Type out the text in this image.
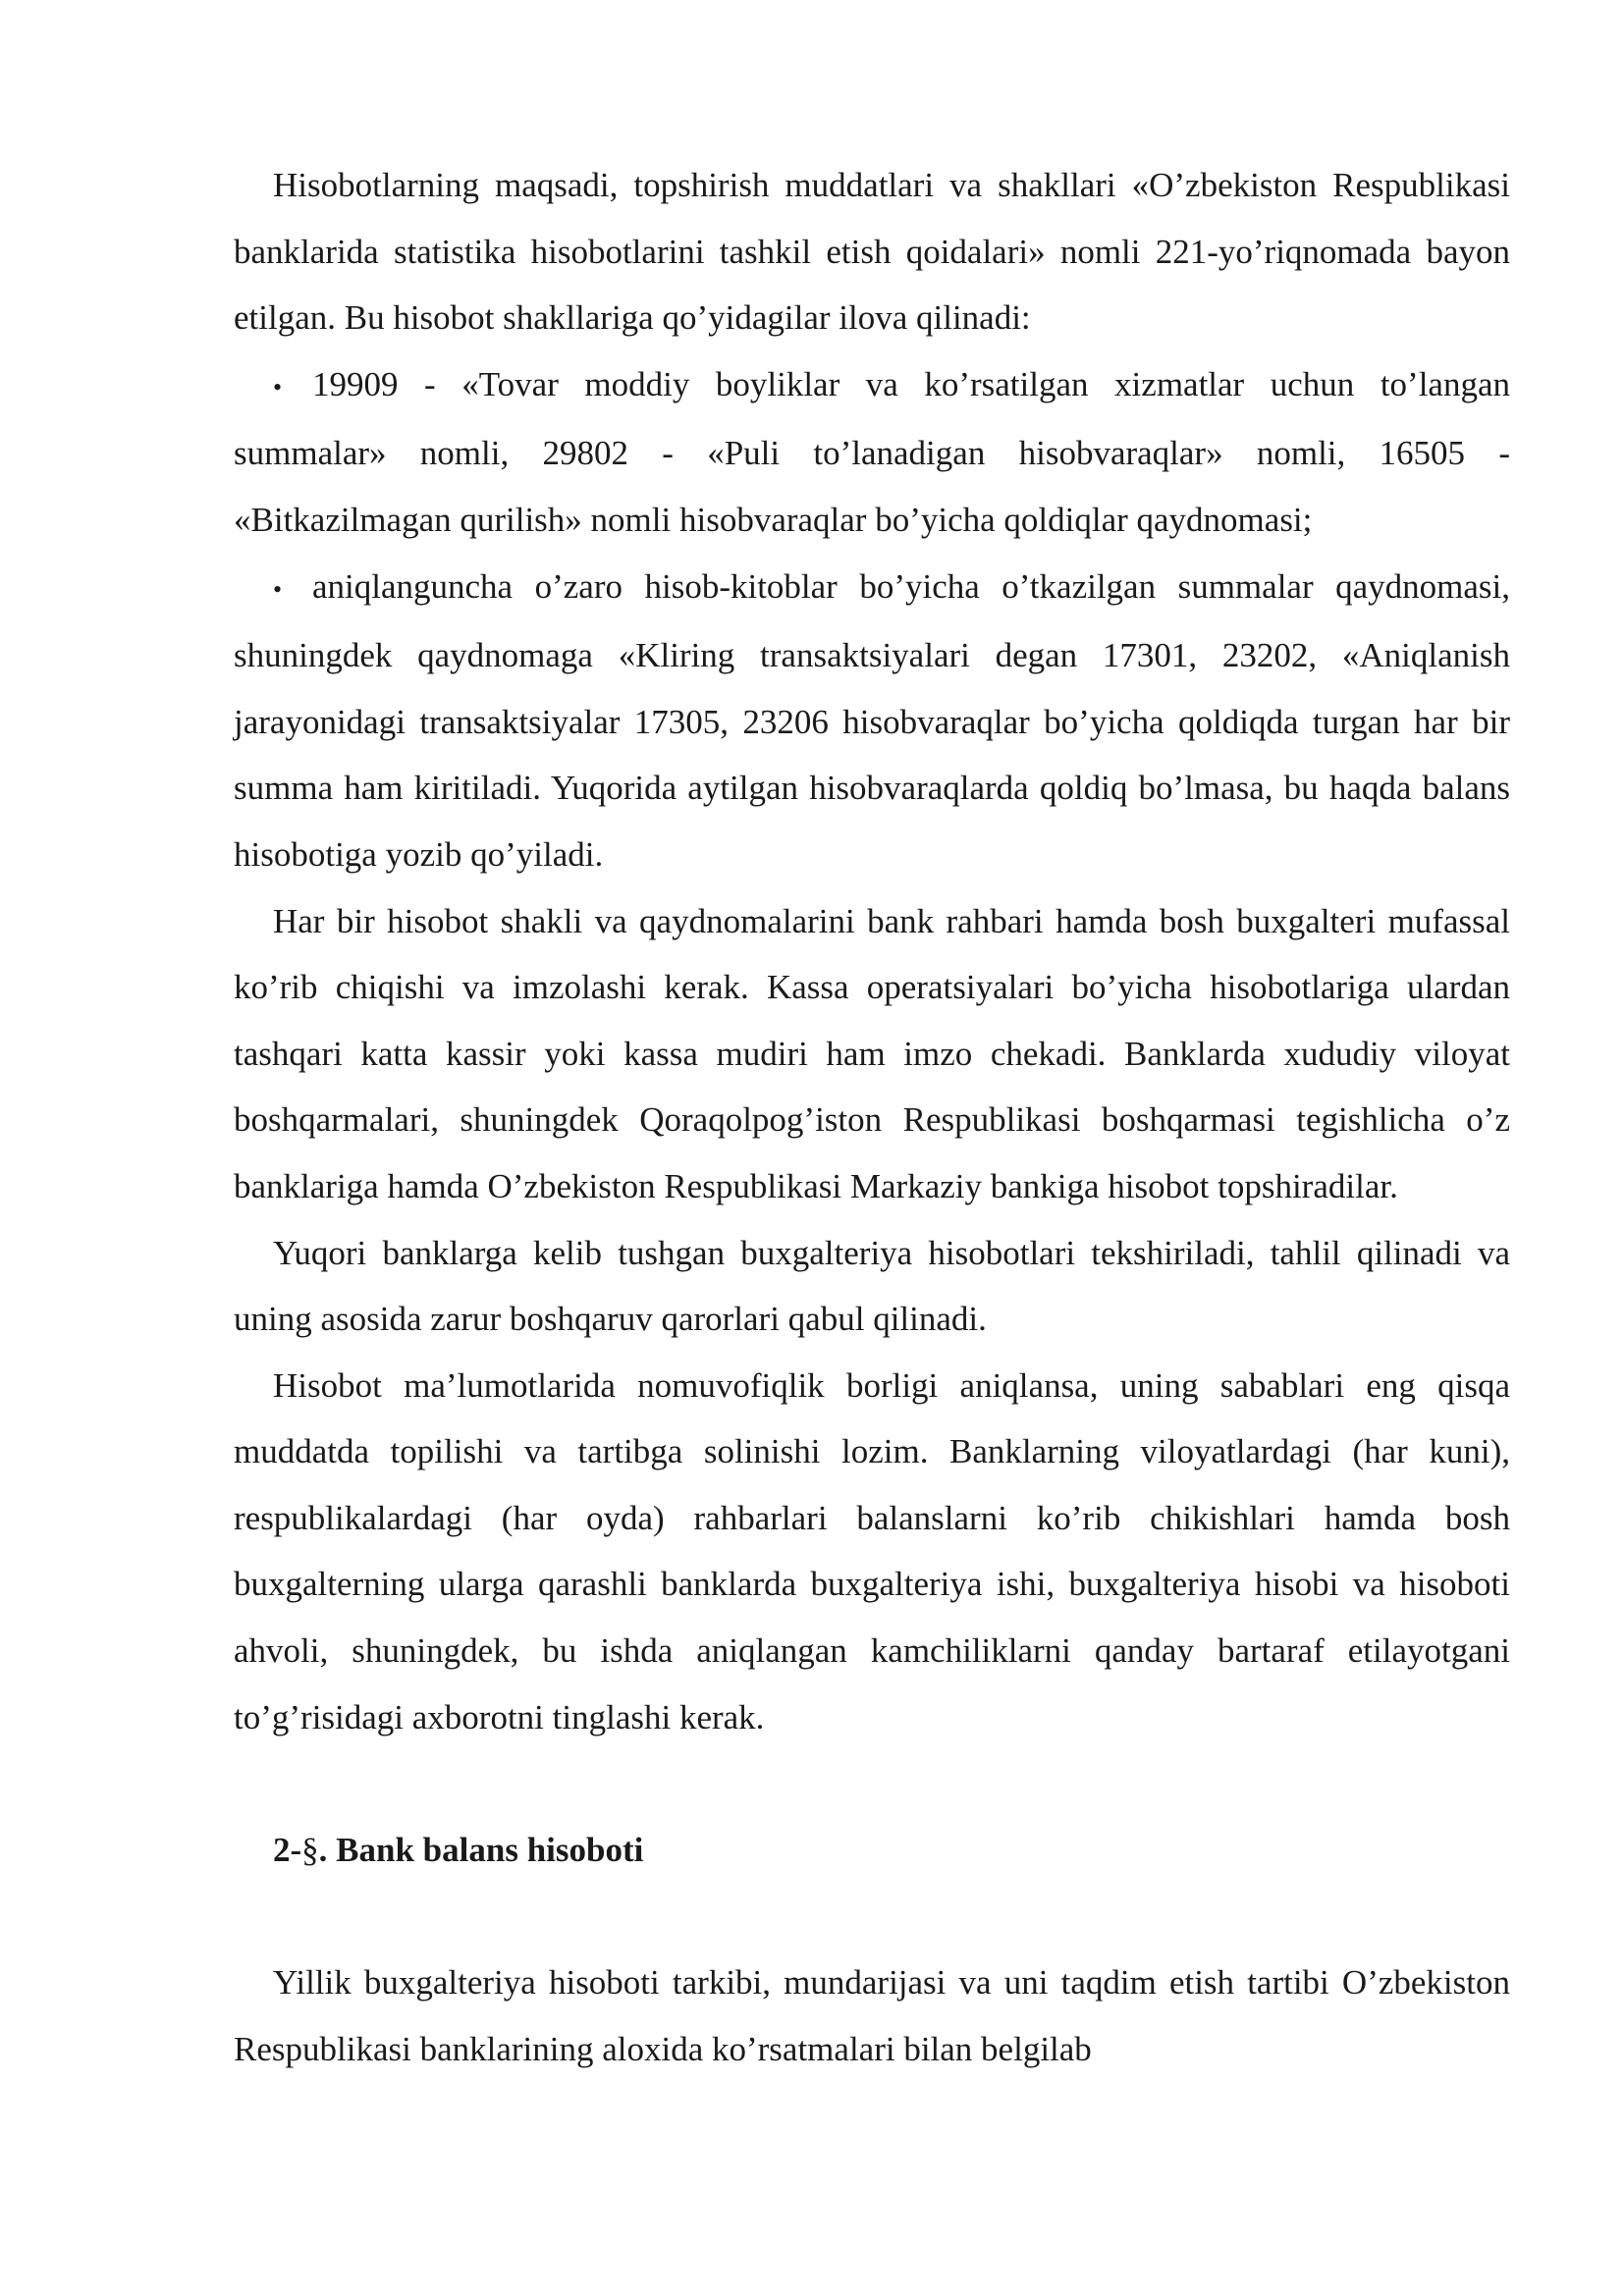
Hisobotlarning maqsadi, topshirish muddatlari va shakllari «O’zbekiston Respublikasi banklarida statistika hisobotlarini tashkil etish qoidalari» nomli 221-yo’riqnomada bayon etilgan. Bu hisobot shakllariga qo’yidagilar ilova qilinadi:

• 19909 - «Tovar moddiy boyliklar va ko’rsatilgan xizmatlar uchun to’langan summalar» nomli, 29802 - «Puli to’lanadigan hisobvaraqlar» nomli, 16505 - «Bitkazilmagan qurilish» nomli hisobvaraqlar bo’yicha qoldiqlar qaydnomasi;

• aniqlanguncha o’zaro hisob-kitoblar bo’yicha o’tkazilgan summalar qaydnomasi, shuningdek qaydnomaga «Kliring transaktsiyalari degan 17301, 23202, «Aniqlanish jarayonidagi transaktsiyalar 17305, 23206 hisobvaraqlar bo’yicha qoldiqda turgan har bir summa ham kiritiladi. Yuqorida aytilgan hisobvaraqlarda qoldiq bo’lmasa, bu haqda balans hisobotiga yozib qo’yiladi.

Har bir hisobot shakli va qaydnomalarini bank rahbari hamda bosh buxgalteri mufassal ko’rib chiqishi va imzolashi kerak. Kassa operatsiyalari bo’yicha hisobotlariga ulardan tashqari katta kassir yoki kassa mudiri ham imzo chekadi. Banklarda xududiy viloyat boshqarmalari, shuningdek Qoraqolpog’iston Respublikasi boshqarmasi tegishlicha o’z banklariga hamda O’zbekiston Respublikasi Markaziy bankiga hisobot topshiradilar.

Yuqori banklarga kelib tushgan buxgalteriya hisobotlari tekshiriladi, tahlil qilinadi va uning asosida zarur boshqaruv qarorlari qabul qilinadi.

Hisobot ma’lumotlarida nomuvofiqlik borligi aniqlansa, uning sabablari eng qisqa muddatda topilishi va tartibga solinishi lozim. Banklarning viloyatlardagi (har kuni), respublikalardagi (har oyda) rahbarlari balanslarni ko’rib chikishlari hamda bosh buxgalterning ularga qarashli banklarda buxgalteriya ishi, buxgalteriya hisobi va hisoboti ahvoli, shuningdek, bu ishda aniqlangan kamchiliklarni qanday bartaraf etilayotgani to’g’risidagi axborotni tinglashi kerak.

2-§. Bank balans hisoboti

Yillik buxgalteriya hisoboti tarkibi, mundarijasi va uni taqdim etish tartibi O’zbekiston Respublikasi banklarining aloxida ko’rsatmalari bilan belgilab
